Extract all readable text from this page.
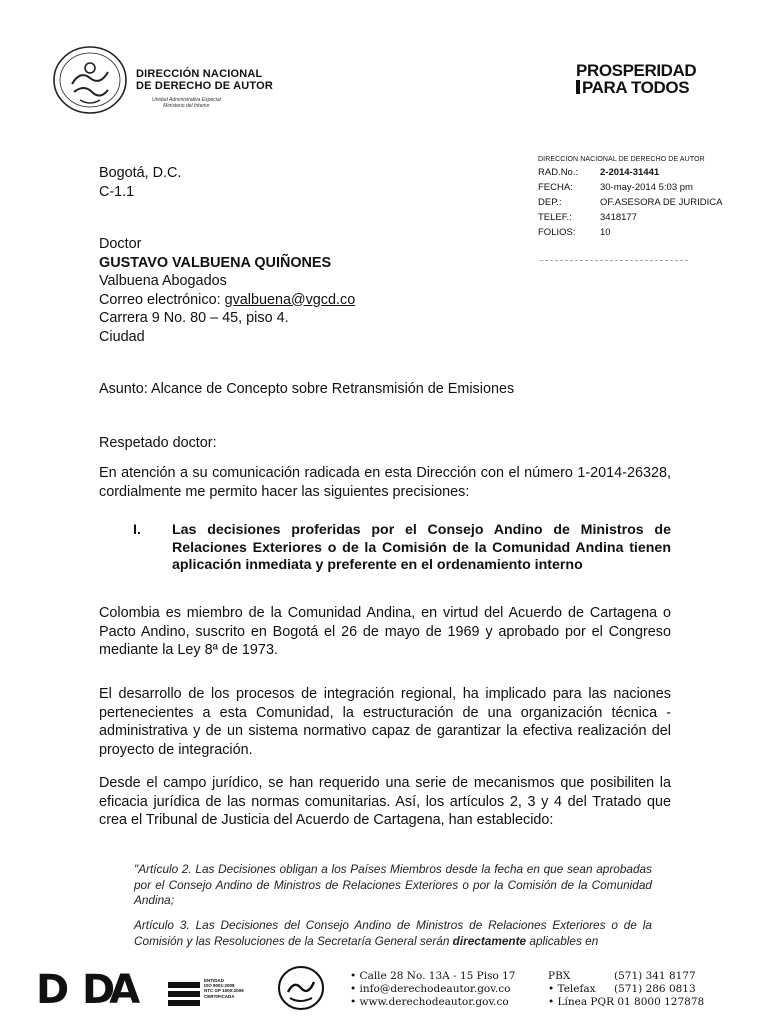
DIRECCIÓN NACIONAL
DE DERECHO DE AUTOR
Unidad Administrativa Especial
Ministerio del Interior
PROSPERIDAD
PARA TODOS
DIRECCION NACIONAL DE DERECHO DE AUTOR
RAD.No.:	2-2014-31441
FECHA:	30-may-2014 5:03 pm
DEP.:	OF.ASESORA DE JURIDICA
TELEF.:	3418177
FOLIOS:	10
Bogotá, D.C.
C-1.1
Doctor
GUSTAVO VALBUENA QUIÑONES
Valbuena Abogados
Correo electrónico: gvalbuena@vgcd.co
Carrera 9 No. 80 – 45, piso 4.
Ciudad
Asunto: Alcance de Concepto sobre Retransmisión de Emisiones
Respetado doctor:
En atención a su comunicación radicada en esta Dirección con el número 1-2014-26328, cordialmente me permito hacer las siguientes precisiones:
I.	Las decisiones proferidas por el Consejo Andino de Ministros de Relaciones Exteriores o de la Comisión de la Comunidad Andina tienen aplicación inmediata y preferente en el ordenamiento interno
Colombia es miembro de la Comunidad Andina, en virtud del Acuerdo de Cartagena o Pacto Andino, suscrito en Bogotá el 26 de mayo de 1969 y aprobado por el Congreso mediante la Ley 8ª de 1973.
El desarrollo de los procesos de integración regional, ha implicado para las naciones pertenecientes a esta Comunidad, la estructuración de una organización técnica - administrativa y de un sistema normativo capaz de garantizar la efectiva realización del proyecto de integración.
Desde el campo jurídico, se han requerido una serie de mecanismos que posibiliten la eficacia jurídica de las normas comunitarias. Así, los artículos 2, 3 y 4 del Tratado que crea el Tribunal de Justicia del Acuerdo de Cartagena, han establecido:
"Artículo 2. Las Decisiones obligan a los Países Miembros desde la fecha en que sean aprobadas por el Consejo Andino de Ministros de Relaciones Exteriores o por la Comisión de la Comunidad Andina;
Artículo 3. Las Decisiones del Consejo Andino de Ministros de Relaciones Exteriores o de la Comisión y las Resoluciones de la Secretaría General serán directamente aplicables en
D DA	ENTIDAD
ISO 9001:2008
NTC GP 1000:2009
CERTIFICADA
• Calle 28 No. 13A - 15 Piso 17
• info@derechodeautor.gov.co
• www.derechodeautor.gov.co
PBX	(571) 341 8177
• Telefax	(571) 286 0813
• Línea PQR 01 8000 127878
